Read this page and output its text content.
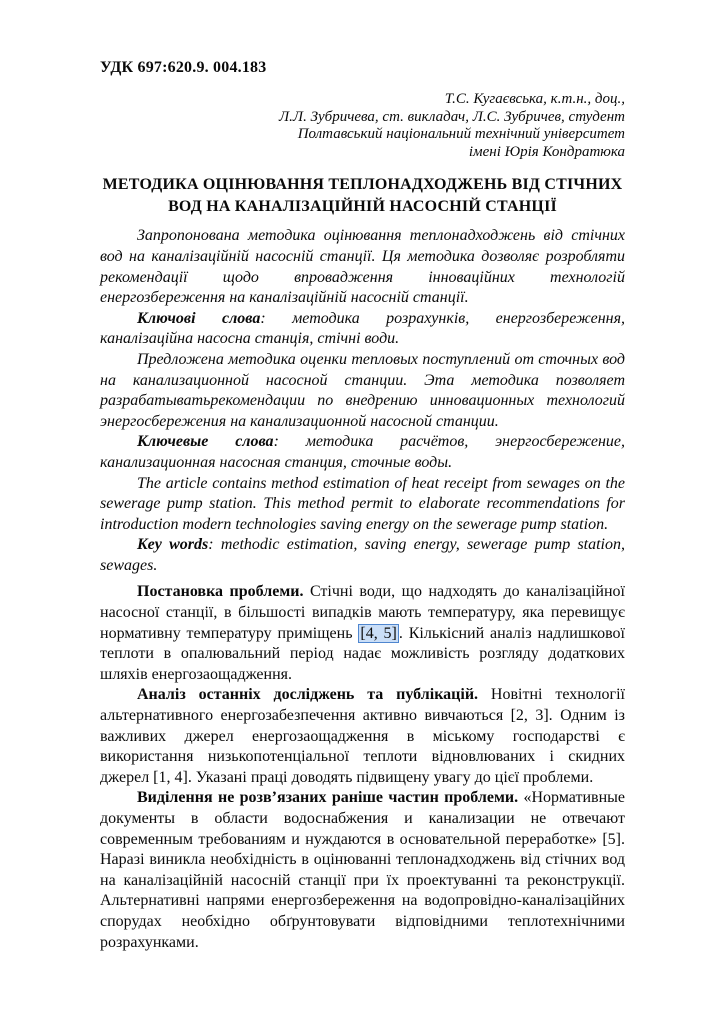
УДК 697:620.9. 004.183
Т.С. Кугаєвська, к.т.н., доц.,
Л.Л. Зубричева, ст. викладач, Л.С. Зубричев, студент
Полтавський національний технічний університет
імені Юрія Кондратюка
МЕТОДИКА ОЦІНЮВАННЯ ТЕПЛОНАДХОДЖЕНЬ ВІД СТІЧНИХ
ВОД НА КАНАЛІЗАЦІЙНІЙ НАСОСНІЙ СТАНЦІЇ

Запропонована методика оцінювання теплонадходжень від стічних вод на каналізаційній насосній станції. Ця методика дозволяє розробляти рекомендації щодо впровадження інноваційних технологій енергозбереження на каналізаційній насосній станції.

Ключові слова: методика розрахунків, енергозбереження, каналізаційна насосна станція, стічні води.

Предложена методика оценки тепловых поступлений от сточных вод на канализационной насосной станции. Эта методика позволяет разрабатыватьрекомендации по внедрению инновационных технологий энергосбережения на канализационной насосной станции.

Ключевые слова: методика расчётов, энергосбережение, канализационная насосная станция, сточные воды.

The article contains method estimation of heat receipt from sewages on the sewerage pump station. This method permit to elaborate recommendations for introduction modern technologies saving energy on the sewerage pump station.

Key words: methodic estimation, saving energy, sewerage pump station, sewages.

Постановка проблеми. Стічні води, що надходять до каналізаційної насосної станції, в більшості випадків мають температуру, яка перевищує нормативну температуру приміщень [4, 5] . Кількісний аналіз надлишкової теплоти в опалювальний період надає можливість розгляду додаткових шляхів енергозаощадження.

Аналіз останніх досліджень та публікацій. Новітні технології альтернативного енергозабезпечення активно вивчаються [2, 3]. Одним із важливих джерел енергозаощадження в міському господарстві є використання низькопотенціальної теплоти відновлюваних і скидних джерел [1, 4]. Указані праці доводять підвищену увагу до цієї проблеми.

Виділення не розв’язаних раніше частин проблеми. «Нормативные документы в области водоснабжения и канализации не отвечают современным требованиям и нуждаются в основательной переработке» [5]. Наразі виникла необхідність в оцінюванні теплонадходжень від стічних вод на каналізаційній насосній станції при їх проектуванні та реконструкції. Альтернативні напрями енергозбереження на водопровідно-каналізаційних спорудах необхідно обґрунтовувати відповідними теплотехнічними розрахунками.
